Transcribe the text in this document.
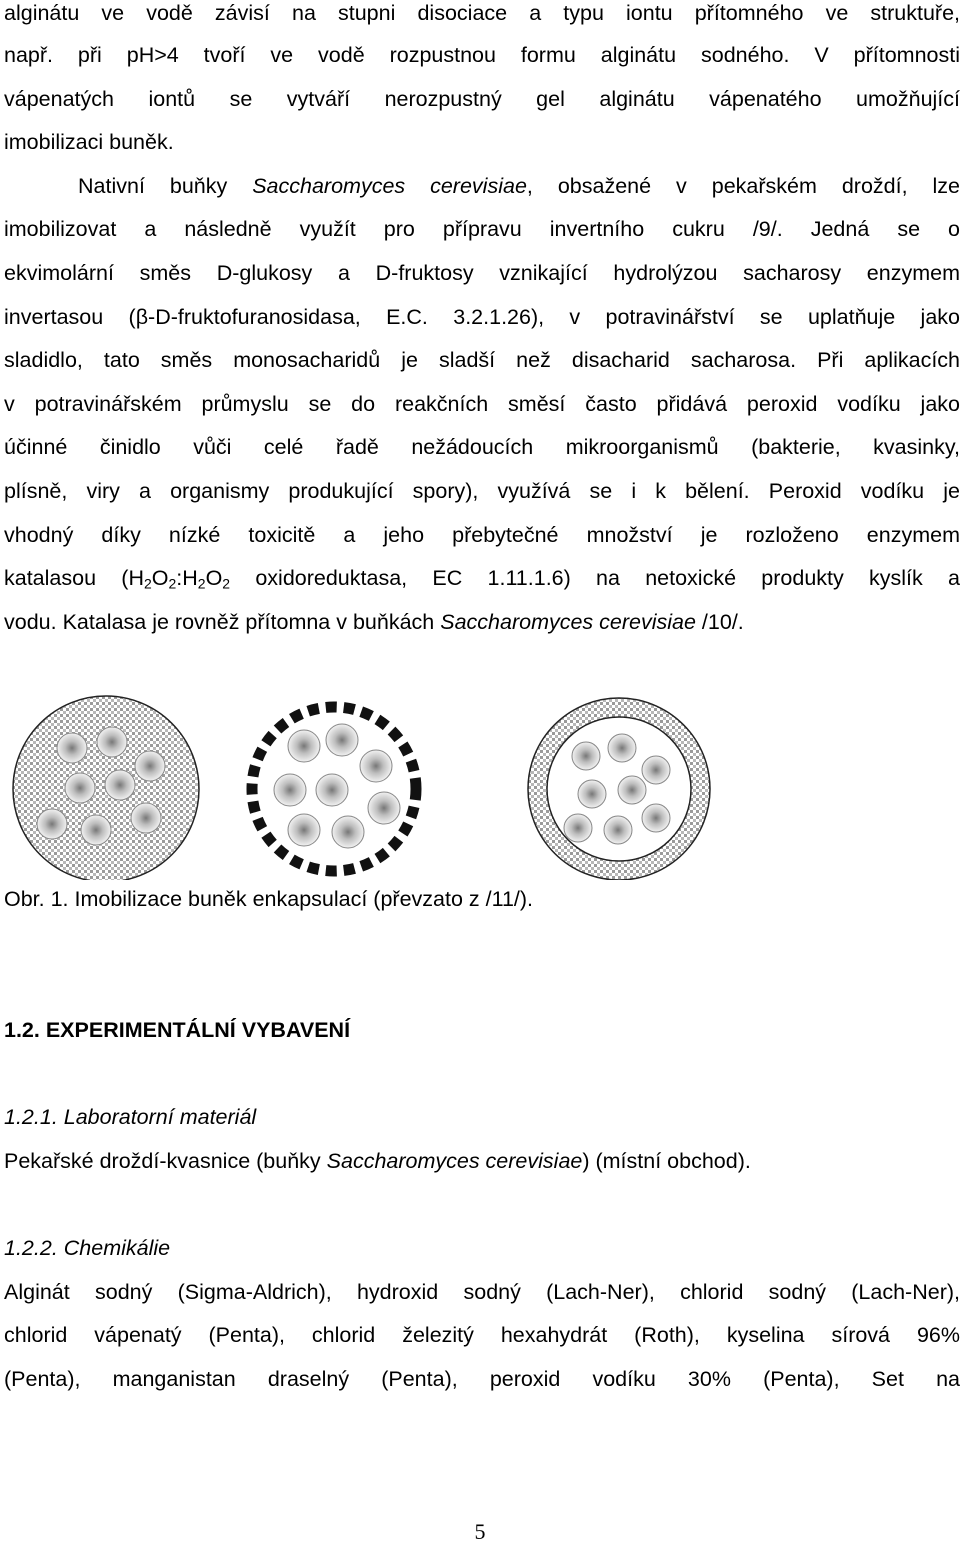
alginátu ve vodě závisí na stupni disociace a typu iontu přítomného ve struktuře,
např. při pH>4 tvoří ve vodě rozpustnou formu alginátu sodného. V přítomnosti
vápenatých iontů se vytváří nerozpustný gel alginátu vápenatého umožňující
imobilizaci buněk.
Nativní buňky Saccharomyces cerevisiae, obsažené v pekařském droždí, lze
imobilizovat a následně využít pro přípravu invertního cukru /9/. Jedná se o
ekvimolární směs D-glukosy a D-fruktosy vznikající hydrolýzou sacharosy enzymem
invertasou (β-D-fruktofuranosidasa, E.C. 3.2.1.26), v potravinářství se uplatňuje jako
sladidlo, tato směs monosacharidů je sladší než disacharid sacharosa. Při aplikacích
v potravinářském průmyslu se do reakčních směsí často přidává peroxid vodíku jako
účinné činidlo vůči celé řadě nežádoucích mikroorganismů (bakterie, kvasinky,
plísně, viry a organismy produkující spory), využívá se i k bělení. Peroxid vodíku je
vhodný díky nízké toxicitě a jeho přebytečné množství je rozloženo enzymem
katalasou ($H_2O_2:H_2O_2$ oxidoreduktasa, EC 1.11.1.6) na netoxické produkty kyslík a
vodu. Katalasa je rovněž přítomna v buňkách Saccharomyces cerevisiae /10/.
Obr. 1. Imobilizace buněk enkapsulací (převzato z /11/).
1.2. EXPERIMENTÁLNÍ VYBAVENÍ
1.2.1. Laboratorní materiál
Pekařské droždí-kvasnice (buňky Saccharomyces cerevisiae) (místní obchod).
1.2.2. Chemikálie
Alginát sodný (Sigma-Aldrich), hydroxid sodný (Lach-Ner), chlorid sodný (Lach-Ner),
chlorid vápenatý (Penta), chlorid železitý hexahydrát (Roth), kyselina sírová 96%
(Penta), manganistan draselný (Penta), peroxid vodíku 30% (Penta), Set na
5
